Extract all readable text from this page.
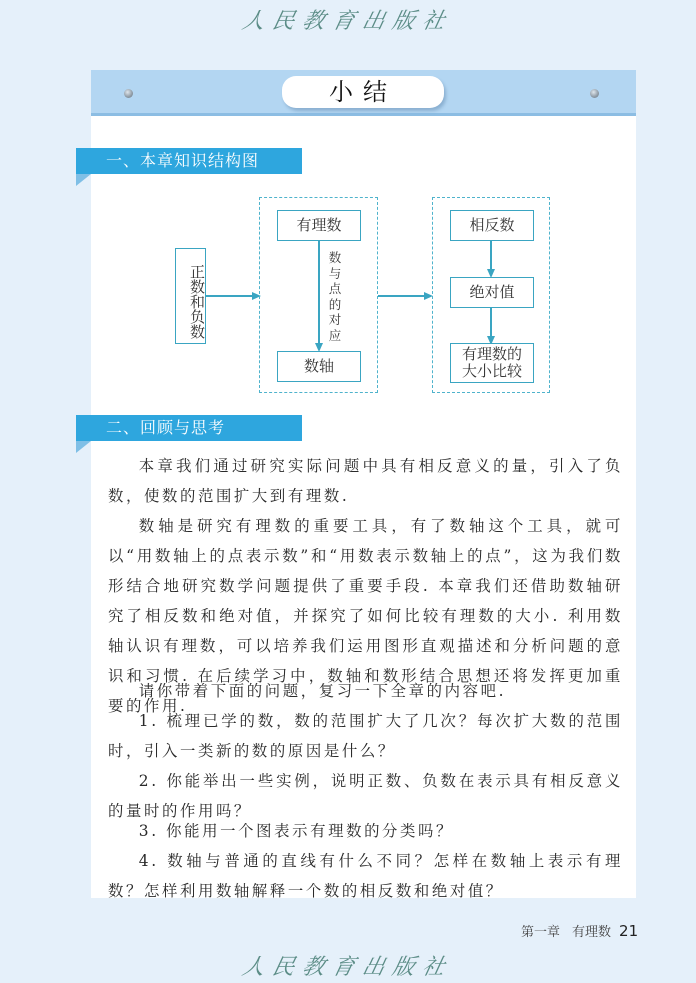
人民教育出版社
小结
一、本章知识结构图
正数和负数
有理数
数与点的对应
数轴
相反数
绝对值
有理数的
大小比较
二、回顾与思考

本章我们通过研究实际问题中具有相反意义的量，引入了负数，使数的范围扩大到有理数.

数轴是研究有理数的重要工具，有了数轴这个工具，就可以“用数轴上的点表示数”和“用数表示数轴上的点”，这为我们数形结合地研究数学问题提供了重要手段. 本章我们还借助数轴研究了相反数和绝对值，并探究了如何比较有理数的大小. 利用数轴认识有理数，可以培养我们运用图形直观描述和分析问题的意识和习惯. 在后续学习中，数轴和数形结合思想还将发挥更加重要的作用.

请你带着下面的问题，复习一下全章的内容吧.

1. 梳理已学的数，数的范围扩大了几次？每次扩大数的范围时，引入一类新的数的原因是什么？

2. 你能举出一些实例，说明正数、负数在表示具有相反意义的量时的作用吗？

3. 你能用一个图表示有理数的分类吗？

4. 数轴与普通的直线有什么不同？怎样在数轴上表示有理数？怎样利用数轴解释一个数的相反数和绝对值？

第一章 有理数 21
人民教育出版社
